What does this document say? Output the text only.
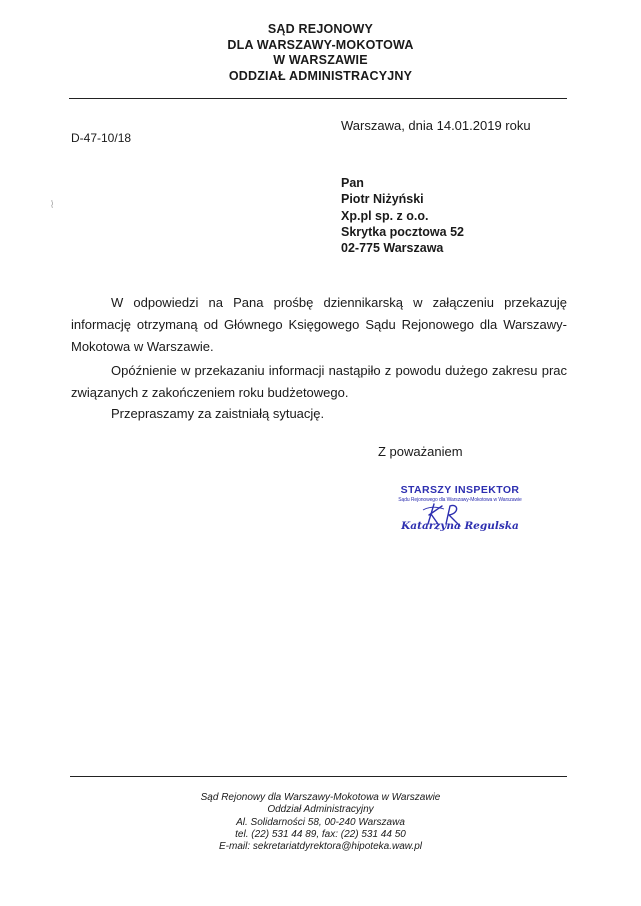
SĄD REJONOWY
DLA WARSZAWY-MOKOTOWA
W WARSZAWIE
ODDZIAŁ ADMINISTRACYJNY
Warszawa, dnia 14.01.2019 roku
D-47-10/18
Pan
Piotr Niżyński
Xp.pl sp. z o.o.
Skrytka pocztowa 52
02-775 Warszawa
W odpowiedzi na Pana prośbę dziennikarską w załączeniu przekazuję informację otrzymaną od Głównego Księgowego Sądu Rejonowego dla Warszawy-Mokotowa w Warszawie.
Opóźnienie w przekazaniu informacji nastąpiło z powodu dużego zakresu prac związanych z zakończeniem roku budżetowego.
Przepraszamy za zaistniałą sytuację.
Z poważaniem
STARSZY INSPEKTOR
Sądu Rejonowego dla Warszawy-Mokotowa w Warszawie
Katarzyna Regulska
Sąd Rejonowy dla Warszawy-Mokotowa w Warszawie
Oddział Administracyjny
Al. Solidarności 58, 00-240 Warszawa
tel. (22) 531 44 89, fax: (22) 531 44 50
E-mail: sekretariatdyrektora@hipoteka.waw.pl
